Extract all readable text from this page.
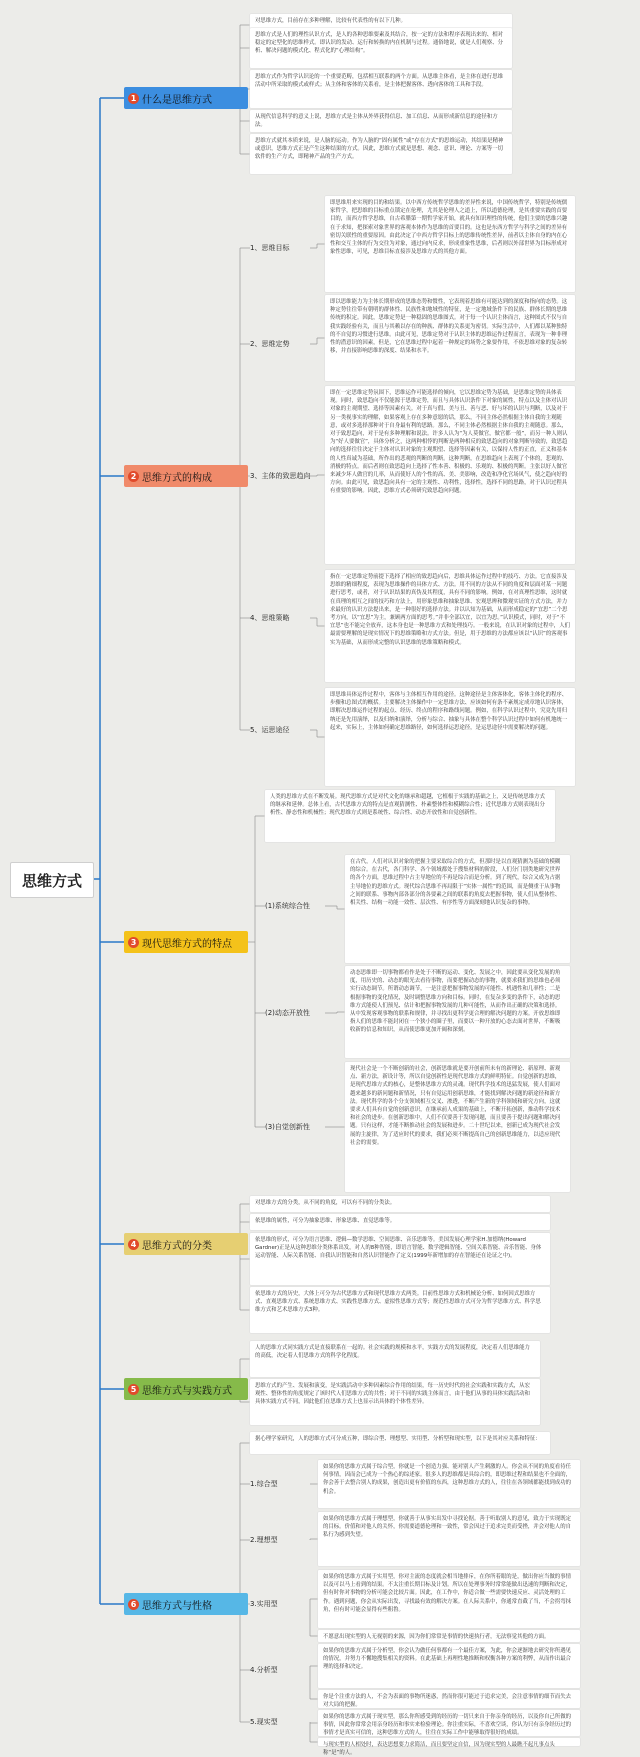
思维方式
1 什么是思维方式
对思维方式，目前存在多种理解，比较有代表性的有以下几种。
思维方式是人们的理性认识方式，是人的各种思维要素及其结合，按一定的方法和程序表现出来的、相对稳定的定型化的思维样式。即认识的发动、运行和转换的内在机制与过程。通俗地说，就是人们观察、分析、解决问题的模式化、程式化的“心理结构”。
思维方式作为哲学认识论的一个重要范畴，包括相互联系的两个方面。从思维主体看，是主体在进行思维活动中所采取的模式或样式；从主体和客体的关系看，是主体把握客体、透向客体的工具和手段。
从现代信息科学的意义上说，思维方式是主体从外界获得信息、加工信息、从而形成新信息的途径和方法。
思维方式就其本质来说，是人脑的运动。作为人脑的“固有属性”或“存在方式”的思维运动，其结果是精神或意识，思维方式正是产生这种结果的方式。因此，思维方式就是思想、观念、意识、理论、方案等一切软件的生产方式，即精神产品的生产方式。
2 思维方式的构成
1、思维目标
即思维用来实现的目的和结果。以中西方传统哲学思维的差异性来说，中国传统哲学，特别是传统儒家哲学，把思维的目标重点锁定在伦理，尤其是伦理人之道上，所以道德伦理，是其重要实践的首要目的，而西方哲学思维，自古希腊第一期哲学家开始，就具有知识理性的传统，他们主要的思维兴趣在于求知，把探索对象世界的客观本体作为思维的首要目的。这也是东西方哲学与科学之间的差异有密切关联性的重要原因。由此决定了中西方哲学目标上的思维传统性差异，前者以主体自身的内在心性和交互主体的行为交往为对象，通过向内反求，形成重象性思维，后者则以外部世界为目标形成对象性思维，可见，思维目标直接涉及思维方式的其他方面。
2、思维定势
即以思维能力为主体长期形成的思维态势和惯性，它表现着思维有可能达到的深度和指向的态势。这种定势往往带有朝明的群体性、民族性和地域性的特征，是一定地域条件下的民族、群体长期的思维传统的积定。因此，思维定势是一种稳固的思维图式。对于每一个认识主体而言，这种图式不仅与自我实践经验有关，而且与其赖以存在的种族、群体的关系更为密切。实际生活中，人们都以某种独特的不自觉的习惯进行思维。由此可见，思维定势对于认识主体的思维运作过程而言，表现为一种非理性的潜意识的因素，但是，它在思维过程中起着一种规定的场势之象要作用，不依思维对象的复杂转移，并直接影响思维的深度、结果和水平。
3、主体的致思趋向
即在一定思维定势氛围下，思维运作可能选择的倾向，它以思维定势为基础，是思维定势的具体表现。同时，致思趋向不仅能源于思维定势，而且与具体认识条件下对象的属性，特点以及主体对认识对象的主观期望、选择等因素有关。对于真与假、美与丑、善与恶、好与坏的认识与判断，以及对于另一类视事实的理解，如果客观上存在多种意愿的话，那么，不同主体必然根据主体自我的主观随意，或对多选择那种对于自身最有利的思路。那么，不同主体必然根据主体自我的主观随意。那么，对于致思趋向，对于是有多种理解和说法。许多人认为“为人莫做官，做官都一般”，而另一种人则认为“好人要做官”，具体分析之，这两种相悖的判断是两种相反的致思趋向的对象判断导致的，致思趋向的选择往往决定于主体对认识对象的主观期望、选择等因素有关，以保持人性的正直，正义和基本的人性真诚为基础，所作出的悲观的判断的判断。这种判断，在思维趋向上表现了个体的，悲观的、消极的特点。而后者则在致思趋向上选择了性本善、积极的、乐观的、积极的判断。主张以好人做官来减少坏人做官的几率，从而使好人的个性的高、美、美影响，改造和净化官场风气，使之趋向好的方向。由此可见，致思趋向具有一定的主观性、功利性，选择性，选择不同的思路，对于认识过程具有重要的影响。因此，思维方式必须研究致思趋向问题。
4、思维策略
指在一定思维定势前提下选择了相应的致思趋向后，思维具体运作过程中的技巧、方法。它直接涉及思维的精细程度，表现为思维操作的具体方式、方法。用不同的方法从不同的角度和层面对某一问题进行思考，或者，对于认识结果的真伪及其程度，具有不同的影响。例如，在对真理性思维，这时就在真理的相互之间的技巧和方法上，用形象思维和抽象思维、宏观思辨和微观实证的方式方法，并力求最好的认识方法提出来，是一种很好的选择方法。并以认知为基础，从而形成稳定的“宜思”二个思考方向，以“宜思”为主，兼顾两方面的思考。”并非全部以宜，以宜为思。”认识模式，同时，对于“不宜思”也不能完全放弃，这本身也是一种思维方式和处理技巧。一般来说，在认识对象的过程中，人们最需要理解的是现实情况下的思维策略和方式方法。但是，用于思维的方法都应该以“认识”的客观事实为基础，从而形成完整的认识思维的思维策略和模式。
5、运思途径
即思维具体运作过程中，客体与主体相互作用的途径。这种途径是主体客体化，客体主体化的程序、步骤和总图式的概括。主要解决主体操作中一定思维方法、应该如何有条不紊规定成章地认识客体，即解决思维运作过程的起点、经历、终点的程序和路线问题。例如，在科学认识过程中，究竟先用归纳还是先用演绎，以及归纳和演绎，分析与综合、抽象与具体在整个科学认识过程中如何有机地统一起来，实际上，主体如何确定思维路径，如何选择运思途径，是运思途径中需要解决的问题。
3 现代思维方式的特点
人类的思维方式在不断发展。现代思维方式是对代文化的继承和超越，它植根于实践的基础之上，又是传统思维方式的继承和延伸。总体上看，古代思维方式的特点是直观猜测性、朴素整体性和模糊综合性；近代思维方式则表现出分析性、静态性和机械性；现代思维方式则是系统性、综合性、动态开放性和自觉创新性。
(1)系统综合性
在古代，人们对认识对象的把握主要采取综合的方式，但那时是以直观猜测为基础的模糊的综合。在古代，各门科学、各个领域都处于搜集材料的阶段，人们分门别类地研究世界的各个方面，思维过程中占主导地位的不再是综合而是分析。到了现代，综合又成为占据主导地位的思维方式。现代综合思维不再局限于“实体一属性”的范围，而是侧重于从事物之间的联系、事物内部各部分的各要素之间的联系的角度去把握事物，使人们从整体性、相关性、结构一功能一效性、层次性、有序性等方面深刻地认识复杂的事物。
(2)动态开放性
动态思维即一切事物都看作是处于不断的运动、变化、发展之中，因此要从变化发展的角度，用历史的、动态的眼光去看待事物，而要把握动态的事物，就要求我们的思维也必须实行动态调节。所谓动态调节，一是注意把握事物发展的可能性、机遇性和几率性；二是根据事物的变化情况，及时调整思维方向和目标。同时，在复杂多变的条件下，动态的思维方式能使人们预见、估计和把握事物发展的几种可能性，从而作出正确的决策和选择。从中发现客观事物的联系和规律，并寻找出更科学更合理的解决问题的方案。开放思维即指人们的思维不能封闭在一个狭小的圈子里，而要以一种开放的心态去面对世界，不断吸收新的信息和知识，从而使思维更加开阔和深刻。
(3)自觉创新性
现代社会是一个不断创新的社会，创新思维就是要开创前所未有的新理论、新原理、新观点、新方法，新设计等，所以自觉创新性是现代思维方式的鲜明特征。自觉创新的思维，是现代思维方式的核心，是整体思维方式的灵魂。现代科学技术的迅猛发展，使人们面对越来越多的新问题和新情况，只有自觉运用创新思维，才能找到解决问题的新途径和新方法。现代科学的各个分支领域相互交叉、渗透，不断产生新的学科领域和研究方向，这就要求人们具有自觉的创新意识，在继承前人成果的基础上，不断开拓创新，推动科学技术和社会的进步。在创新思维中，人们不仅要善于发现问题，而且要善于提出问题和解决问题。只有这样，才能不断推动社会的发展和进步。二十世纪以来，创新已成为现代社会发展的主旋律，为了适应时代的要求，我们必须不断提高自己的创新思维能力，以适应现代社会的需要。
4 思维方式的分类
对思维方式的分类，从不同的角度，可以有不同的分类法。
依思维的属性，可分为抽象思维、形象思维、直觉思维等。
依思维的形式，可分为语言思维、逻辑—数学思维、空间思维、音乐思维等。美国发展心理学家H.加德纳(Howard Gardner)正是从这种思维分类体系出发，对人的8种智能，即语言智能、数学逻辑智能、空间关系智能、音乐智能、身体运动智能、人际关系智能、自我认识智能和自然认识智能作了定义(1999年新增加的存在智能还在论证之中)。
依思维方式的历史，大体上可分为古代思维方式和现代思维方式两类。目前性思维方式和机械论分析、如何因式思维方式、直观思维方式、系统思维方式、实践性思维方式、虚拟性思维方式等；规范性思维方式可分为哲学思维方式、科学思维方式和艺术思维方式3种。
5 思维方式与实践方式
人的思维方式同实践方式是直接联系在一起的。社会实践的规模和水平，实践方式的发展程度，决定着人们思维能力的高低，决定着人们思维方式的科学化程度。
思维方式的产生、发展和演变，是实践活动中多种因素综合作用的结果，每一历史时代的社会实践和实践方式，从宏观性、整体性的角度规定了该时代人们思维方式的共性；对于不同的实践主体而言，由于他们从事的具体实践活动和具体实践方式不同，因此他们在思维方式上也显示出具体的个体性差异。
6 思维方式与性格
据心理学家研究，人的思维方式可分成五种，即综合型、理想型、实用型、分析型和现实型，以下是其对应关系和特征：
1.综合型
如果你的思维方式属于综合型，你就是一个创造力强、能对别人产生刺激的人。你会从不同的角度看待任何事情，因而会已成为一个热心的综述家。很多人的思维都是具综合的，即思维过程和结果也不全面的，你会善于去整合别人的成果，创造出更有价值的东西，这种思维方式的人，往往在各领域都能找到成功的机会。
2.理想型
如果你的思维方式属于理想型，你就善于从事实出发中寻找论据。善于听取别人的意见，致力于实现既定的目标。价值和对他人的关怀，你需要道德伦理和一致性，常会因过于追求完美而受挫，并会对他人的自私行为感到失望。
3.实用型
如果你的思维方式属于实用型，你对主流的态度就会相当地排斥，在你所着眼的是，做出你应当做的事情以及可以马上看到的结果。不太注重长期目标及计划。所以在处理事务时常常能做出迅速的判断和决定，但有时你对事物的分析可能会比较片面。因此，在工作中，你适合做一些需要快速反应、灵活处理的工作。遇到问题，你会从实际出发，寻找最有效的解决方案。在人际关系中，你通常直截了当，不会拐弯抹角，但有时可能会显得有些粗鲁。
不愿意出现实型的人无视别的来源，因为你们常常是事情的快速执行者，无法察觉其他的方面。
4.分析型
如果你的思维方式属于分析型，你会认为做任何事都有一个最佳方案，为此，你会逐渐地去研究你所遇见的情况，并努力不懈地搜集相关的资料。在此基础上再理性地推断和权衡各种方案的利弊，从而作出最合理的选择和决定。
你是个注重方法的人，不会为表面的事物所迷惑，然而你很可能过于追求完美，会注意事情的细节而失去对大局的把握。
5.现实型
如果你的思维方式属于现实型，那么你所感受到的经历的一切只来自于你亲身的经历，以及你自己所做的事情，因此你常常会用亲身经历和事实来检验理论。你注重实际，不喜欢空谈，你认为只有亲身经历过的事情才是真实可信的，这种思维方式的人，往往在实际工作中能够取得很好的成绩。
与现实型的人相处时，表达思想要力求简洁，而且要坚定自信，因为现实型的人最瞧不起凡事点头称“是”的人。
